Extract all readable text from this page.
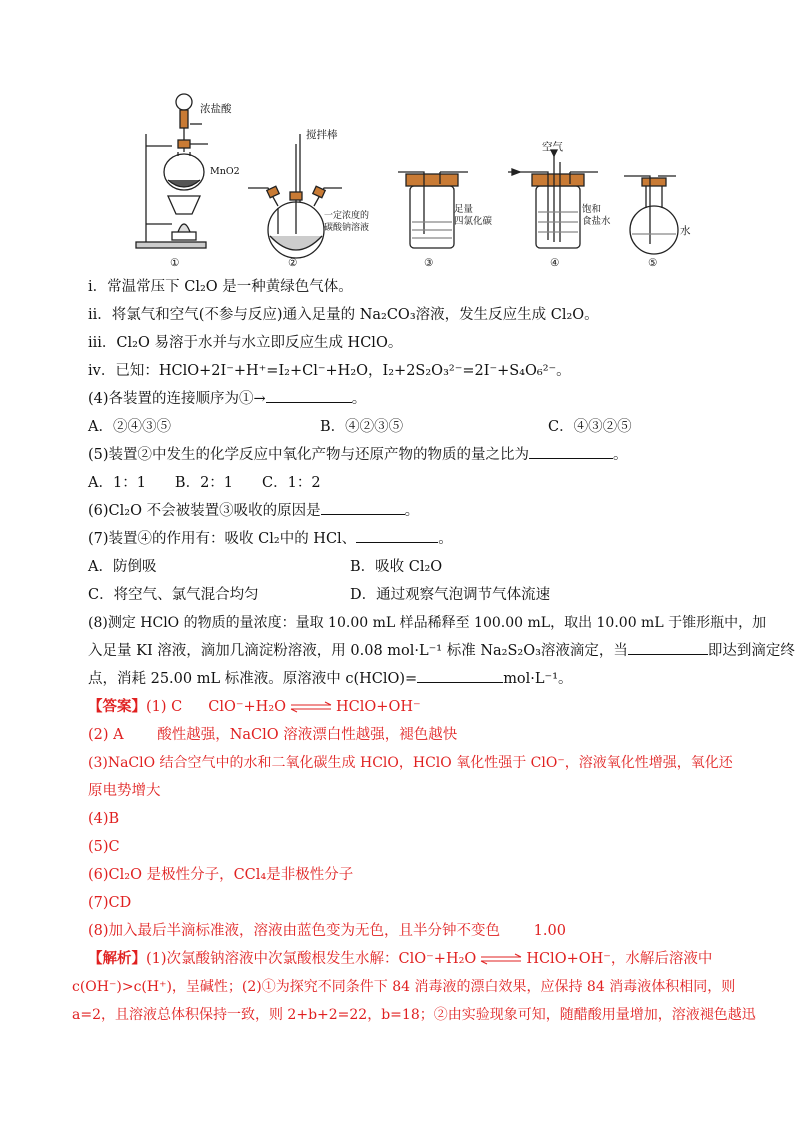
浓盐酸
MnO2
搅拌棒
一定浓度的
碳酸钠溶液
足量
四氯化碳
空气
饱和
食盐水
水
①	②	③	④	⑤
i．常温常压下 Cl₂O 是一种黄绿色气体。
ii．将氯气和空气(不参与反应)通入足量的 Na₂CO₃溶液，发生反应生成 Cl₂O。
iii．Cl₂O 易溶于水并与水立即反应生成 HClO。
iv．已知：HClO+2I⁻+H⁺=I₂+Cl⁻+H₂O，I₂+2S₂O₃²⁻=2I⁻+S₄O₆²⁻。
(4)各装置的连接顺序为①→	。
A．②④③⑤	B．④②③⑤	C．④③②⑤
(5)装置②中发生的化学反应中氧化产物与还原产物的物质的量之比为	。
A．1：1　　B．2：1　　C．1：2
(6)Cl₂O 不会被装置③吸收的原因是	。
(7)装置④的作用有：吸收 Cl₂中的 HCl、	。
A．防倒吸	B．吸收 Cl₂O
C．将空气、氯气混合均匀	D．通过观察气泡调节气体流速
(8)测定 HClO 的物质的量浓度：量取 10.00 mL 样品稀释至 100.00 mL，取出 10.00 mL 于锥形瓶中，加
入足量 KI 溶液，滴加几滴淀粉溶液，用 0.08 mol·L⁻¹ 标准 Na₂S₂O₃溶液滴定，当	即达到滴定终
点，消耗 25.00 mL 标准液。原溶液中 c(HClO)=	mol·L⁻¹。
【答案】(1) C ClO⁻+H₂O ⇌ HClO+OH⁻
(2) A　　 酸性越强，NaClO 溶液漂白性越强，褪色越快
(3)NaClO 结合空气中的水和二氧化碳生成 HClO，HClO 氧化性强于 ClO⁻，溶液氧化性增强，氧化还
原电势增大
(4)B
(5)C
(6)Cl₂O 是极性分子，CCl₄是非极性分子
(7)CD
(8)加入最后半滴标准液，溶液由蓝色变为无色，且半分钟不变色　　 1.00
【解析】(1)次氯酸钠溶液中次氯酸根发生水解：ClO⁻+H₂O ⇌ HClO+OH⁻，水解后溶液中
c(OH⁻)>c(H⁺)，呈碱性；(2)①为探究不同条件下 84 消毒液的漂白效果，应保持 84 消毒液体积相同，则
a=2，且溶液总体积保持一致，则 2+b+2=22，b=18；②由实验现象可知，随醋酸用量增加，溶液褪色越迅
